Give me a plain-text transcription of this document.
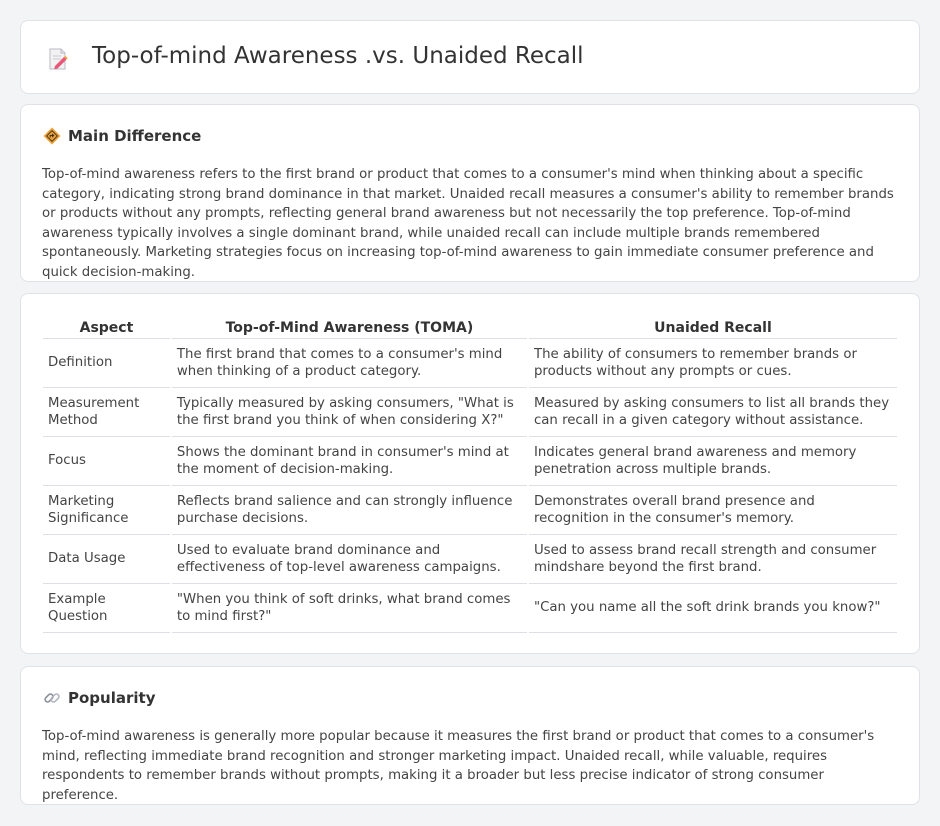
Top-of-mind Awareness .vs. Unaided Recall
Main Difference

Top-of-mind awareness refers to the first brand or product that comes to a consumer's mind when thinking about a specific category, indicating strong brand dominance in that market. Unaided recall measures a consumer's ability to remember brands or products without any prompts, reflecting general brand awareness but not necessarily the top preference. Top-of-mind awareness typically involves a single dominant brand, while unaided recall can include multiple brands remembered spontaneously. Marketing strategies focus on increasing top-of-mind awareness to gain immediate consumer preference and quick decision-making.

Aspect	Top-of-Mind Awareness (TOMA)	Unaided Recall
Definition	The first brand that comes to a consumer's mind when thinking of a product category.	The ability of consumers to remember brands or products without any prompts or cues.
Measurement Method	Typically measured by asking consumers, "What is the first brand you think of when considering X?"	Measured by asking consumers to list all brands they can recall in a given category without assistance.
Focus	Shows the dominant brand in consumer's mind at the moment of decision-making.	Indicates general brand awareness and memory penetration across multiple brands.
Marketing Significance	Reflects brand salience and can strongly influence purchase decisions.	Demonstrates overall brand presence and recognition in the consumer's memory.
Data Usage	Used to evaluate brand dominance and effectiveness of top-level awareness campaigns.	Used to assess brand recall strength and consumer mindshare beyond the first brand.
Example Question	"When you think of soft drinks, what brand comes to mind first?"	"Can you name all the soft drink brands you know?"
Popularity

Top-of-mind awareness is generally more popular because it measures the first brand or product that comes to a consumer's mind, reflecting immediate brand recognition and stronger marketing impact. Unaided recall, while valuable, requires respondents to remember brands without prompts, making it a broader but less precise indicator of strong consumer preference.
